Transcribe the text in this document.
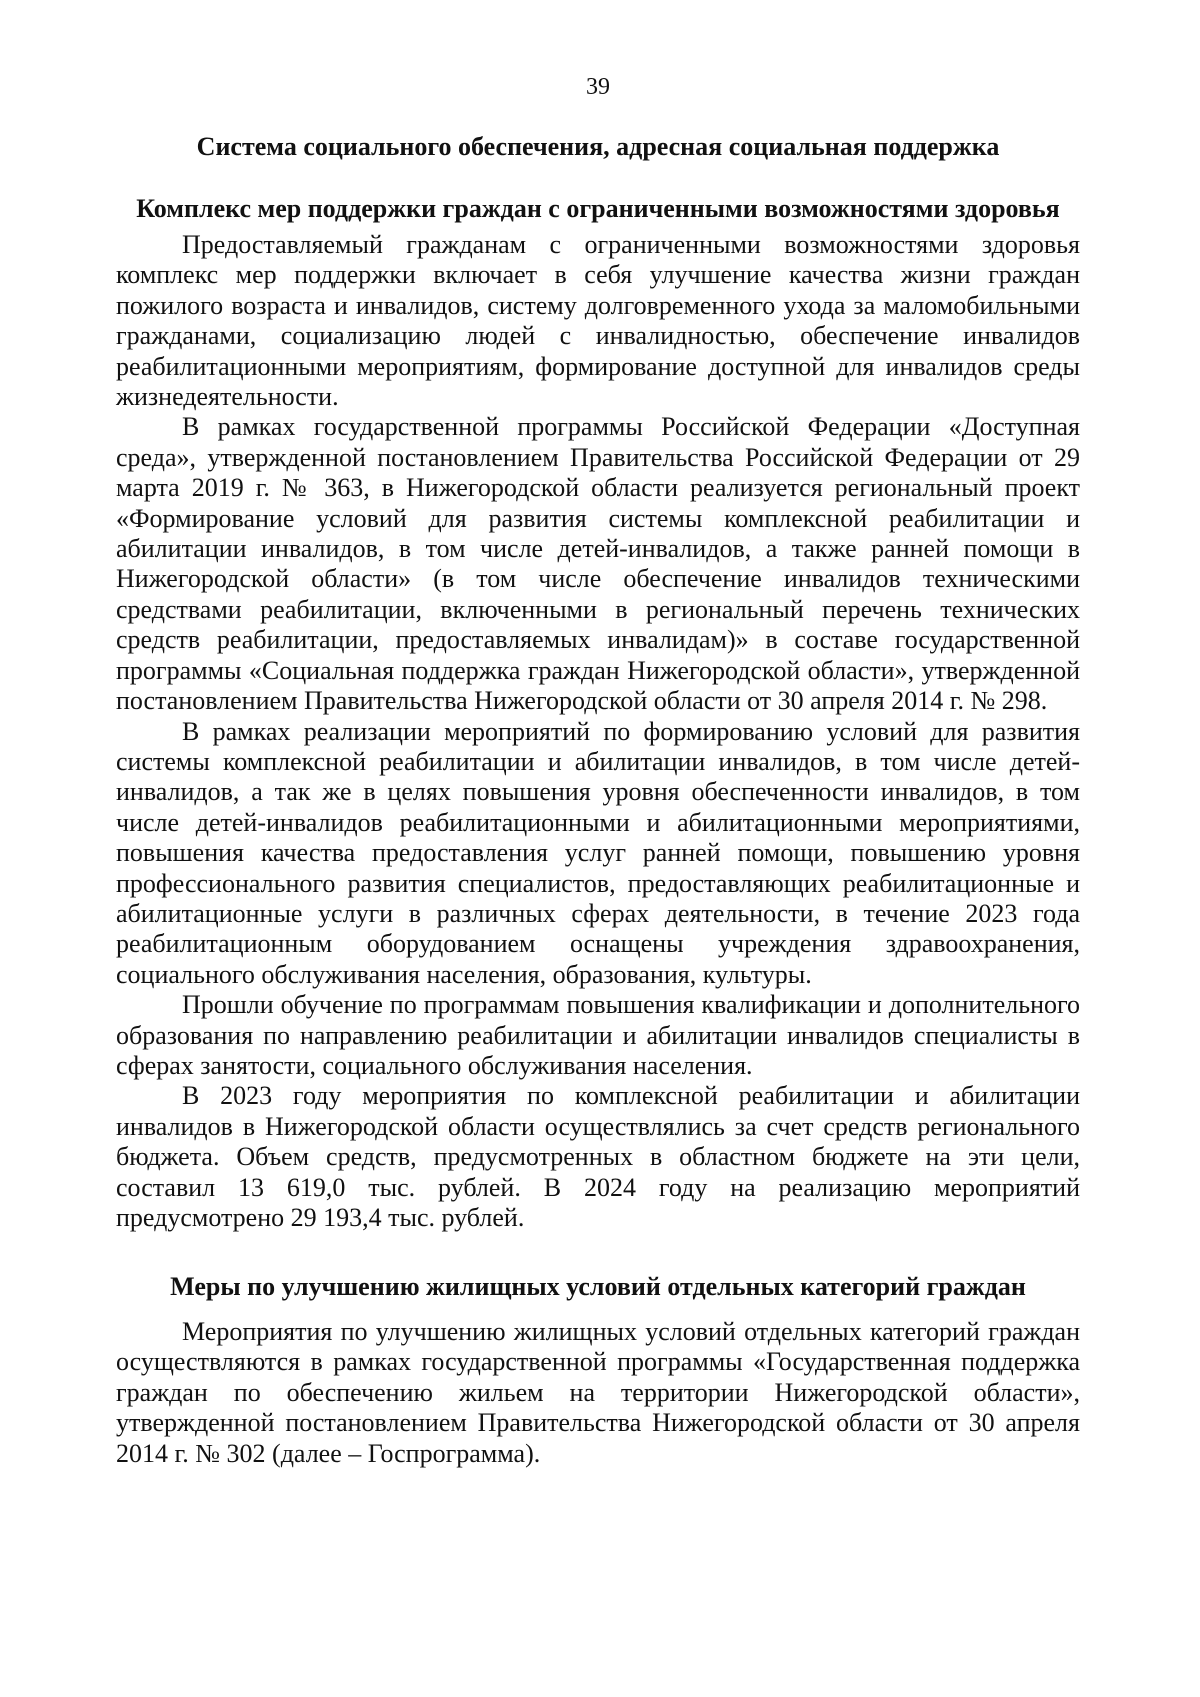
39
Система социального обеспечения, адресная социальная поддержка
Комплекс мер поддержки граждан с ограниченными возможностями здоровья

Предоставляемый гражданам с ограниченными возможностями здоровья комплекс мер поддержки включает в себя улучшение качества жизни граждан пожилого возраста и инвалидов, систему долговременного ухода за маломобильными гражданами, социализацию людей с инвалидностью, обеспечение инвалидов реабилитационными мероприятиям, формирование доступной для инвалидов среды жизнедеятельности.

В рамках государственной программы Российской Федерации «Доступная среда», утвержденной постановлением Правительства Российской Федерации от 29 марта 2019 г. № 363, в Нижегородской области реализуется региональный проект «Формирование условий для развития системы комплексной реабилитации и абилитации инвалидов, в том числе детей-инвалидов, а также ранней помощи в Нижегородской области» (в том числе обеспечение инвалидов техническими средствами реабилитации, включенными в региональный перечень технических средств реабилитации, предоставляемых инвалидам)» в составе государственной программы «Социальная поддержка граждан Нижегородской области», утвержденной постановлением Правительства Нижегородской области от 30 апреля 2014 г. № 298.

В рамках реализации мероприятий по формированию условий для развития системы комплексной реабилитации и абилитации инвалидов, в том числе детей-инвалидов, а так же в целях повышения уровня обеспеченности инвалидов, в том числе детей-инвалидов реабилитационными и абилитационными мероприятиями, повышения качества предоставления услуг ранней помощи, повышению уровня профессионального развития специалистов, предоставляющих реабилитационные и абилитационные услуги в различных сферах деятельности, в течение 2023 года реабилитационным оборудованием оснащены учреждения здравоохранения, социального обслуживания населения, образования, культуры.

Прошли обучение по программам повышения квалификации и дополнительного образования по направлению реабилитации и абилитации инвалидов специалисты в сферах занятости, социального обслуживания населения.

В 2023 году мероприятия по комплексной реабилитации и абилитации инвалидов в Нижегородской области осуществлялись за счет средств регионального бюджета. Объем средств, предусмотренных в областном бюджете на эти цели, составил 13 619,0 тыс. рублей. В 2024 году на реализацию мероприятий предусмотрено 29 193,4 тыс. рублей.

Меры по улучшению жилищных условий отдельных категорий граждан

Мероприятия по улучшению жилищных условий отдельных категорий граждан осуществляются в рамках государственной программы «Государственная поддержка граждан по обеспечению жильем на территории Нижегородской области», утвержденной постановлением Правительства Нижегородской области от 30 апреля 2014 г. № 302 (далее – Госпрограмма).
